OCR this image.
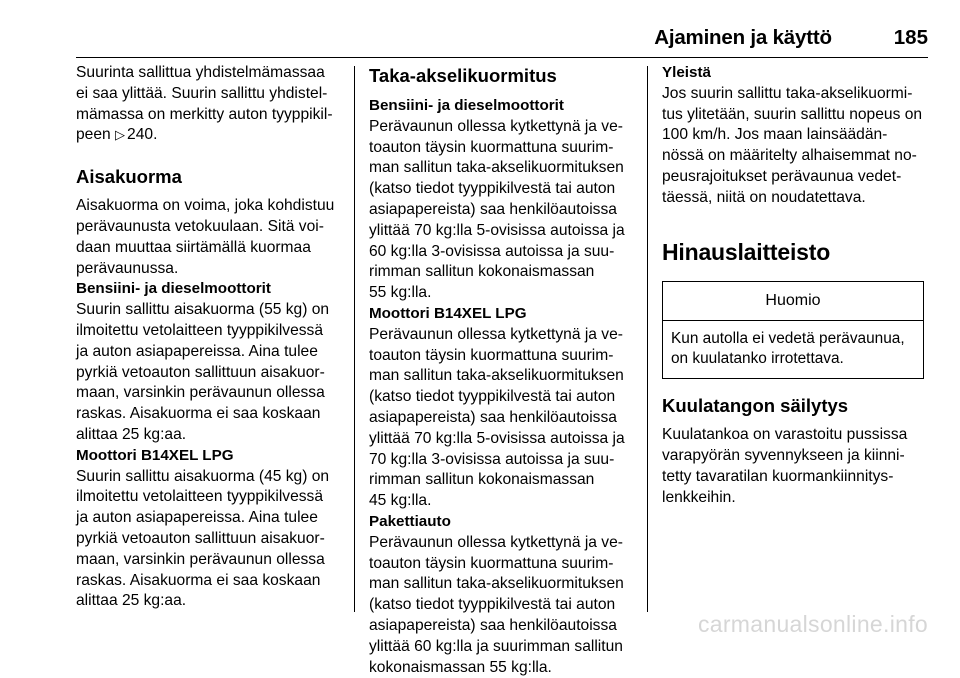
Ajaminen ja käyttö	185

Suurinta sallittua yhdistelmämassaa

ei saa ylittää. Suurin sallittu yhdistel-

mämassa on merkitty auton tyyppikil-

peen ▷ 240.

Aisakuorma

Aisakuorma on voima, joka kohdistuu

perävaunusta vetokuulaan. Sitä voi-

daan muuttaa siirtämällä kuormaa

perävaunussa.

Bensiini- ja dieselmoottorit

Suurin sallittu aisakuorma (55 kg) on

ilmoitettu vetolaitteen tyyppikilvessä

ja auton asiapapereissa. Aina tulee

pyrkiä vetoauton sallittuun aisakuor-

maan, varsinkin perävaunun ollessa

raskas. Aisakuorma ei saa koskaan

alittaa 25 kg:aa.

Moottori B14XEL LPG

Suurin sallittu aisakuorma (45 kg) on

ilmoitettu vetolaitteen tyyppikilvessä

ja auton asiapapereissa. Aina tulee

pyrkiä vetoauton sallittuun aisakuor-

maan, varsinkin perävaunun ollessa

raskas. Aisakuorma ei saa koskaan

alittaa 25 kg:aa.

Taka-akselikuormitus
Bensiini- ja dieselmoottorit

Perävaunun ollessa kytkettynä ja ve-

toauton täysin kuormattuna suurim-

man sallitun taka-akselikuormituksen

(katso tiedot tyyppikilvestä tai auton

asiapapereista) saa henkilöautoissa

ylittää 70 kg:lla 5-ovisissa autoissa ja

60 kg:lla 3-ovisissa autoissa ja suu-

rimman sallitun kokonaismassan

55 kg:lla.

Moottori B14XEL LPG

Perävaunun ollessa kytkettynä ja ve-

toauton täysin kuormattuna suurim-

man sallitun taka-akselikuormituksen

(katso tiedot tyyppikilvestä tai auton

asiapapereista) saa henkilöautoissa

ylittää 70 kg:lla 5-ovisissa autoissa ja

70 kg:lla 3-ovisissa autoissa ja suu-

rimman sallitun kokonaismassan

45 kg:lla.

Pakettiauto

Perävaunun ollessa kytkettynä ja ve-

toauton täysin kuormattuna suurim-

man sallitun taka-akselikuormituksen

(katso tiedot tyyppikilvestä tai auton

asiapapereista) saa henkilöautoissa

ylittää 60 kg:lla ja suurimman sallitun

kokonaismassan 55 kg:lla.

Yleistä

Jos suurin sallittu taka-akselikuormi-

tus ylitetään, suurin sallittu nopeus on

100 km/h. Jos maan lainsäädän-

nössä on määritelty alhaisemmat no-

peusrajoitukset perävaunua vedet-

täessä, niitä on noudatettava.

Hinauslaitteisto
Huomio

Kun autolla ei vedetä perävaunua,

on kuulatanko irrotettava.

Kuulatangon säilytys

Kuulatankoa on varastoitu pussissa

varapyörän syvennykseen ja kiinni-

tetty tavaratilan kuormankiinnitys-

lenkkeihin.

carmanualsonline.info
